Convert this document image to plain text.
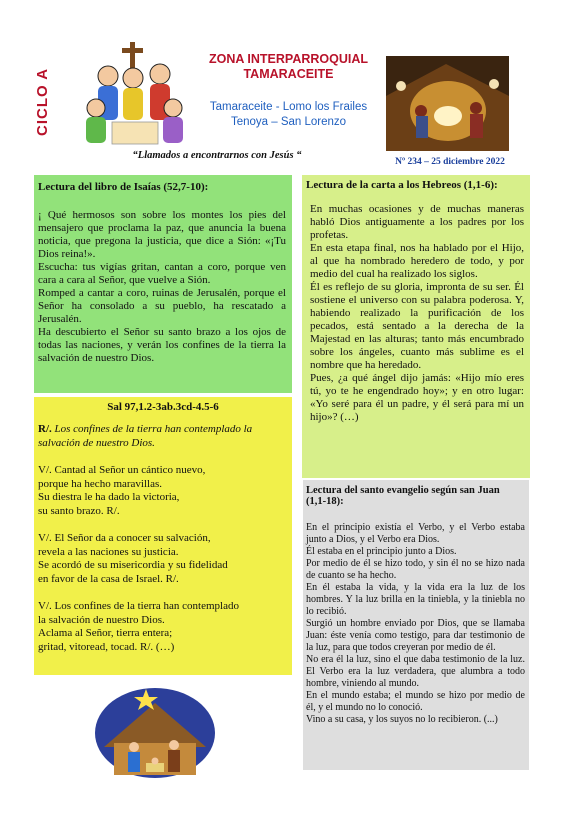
CICLO A
ZONA INTERPARROQUIAL
TAMARACEITE
Tamaraceite - Lomo los Frailes
Tenoya – San Lorenzo
“Llamados a encontrarnos con Jesús “
Nº 234 – 25 diciembre 2022
Lectura del libro de Isaías (52,7-10):

¡ Qué hermosos son sobre los montes los pies del mensajero que proclama la paz, que anuncia la buena noticia, que pregona la justicia, que dice a Sión: «¡Tu Dios reina!».

Escucha: tus vigías gritan, cantan a coro, porque ven cara a cara al Señor, que vuelve a Sión.

Romped a cantar a coro, ruinas de Jerusalén, porque el Señor ha consolado a su pueblo, ha rescatado a Jerusalén.

Ha descubierto el Señor su santo brazo a los ojos de todas las naciones, y verán los confines de la tierra la salvación de nuestro Dios.

Sal 97,1.2-3ab.3cd-4.5-6

R/. Los confines de la tierra han contemplado la salvación de nuestro Dios.

V/. Cantad al Señor un cántico nuevo,
porque ha hecho maravillas.
Su diestra le ha dado la victoria,
su santo brazo. R/.
V/. El Señor da a conocer su salvación,
revela a las naciones su justicia.
Se acordó de su misericordia y su fidelidad
en favor de la casa de Israel. R/.
V/. Los confines de la tierra han contemplado
la salvación de nuestro Dios.
Aclama al Señor, tierra entera;
gritad, vitoread, tocad. R/. (…)
Lectura de la carta a los Hebreos (1,1-6):

En muchas ocasiones y de muchas maneras habló Dios antiguamente a los padres por los profetas.

En esta etapa final, nos ha hablado por el Hijo, al que ha nombrado heredero de todo, y por medio del cual ha realizado los siglos.

Él es reflejo de su gloria, impronta de su ser. Él sostiene el universo con su palabra poderosa. Y, habiendo realizado la purificación de los pecados, está sentado a la derecha de la Majestad en las alturas; tanto más encumbrado sobre los ángeles, cuanto más sublime es el nombre que ha heredado.

Pues, ¿a qué ángel dijo jamás: «Hijo mío eres tú, yo te he engendrado hoy»; y en otro lugar: «Yo seré para él un padre, y él será para mí un hijo»? (…)

Lectura del santo evangelio según san Juan (1,1-18):

En el principio existía el Verbo, y el Verbo estaba junto a Dios, y el Verbo era Dios.

Él estaba en el principio junto a Dios.

Por medio de él se hizo todo, y sin él no se hizo nada de cuanto se ha hecho.

En él estaba la vida, y la vida era la luz de los hombres. Y la luz brilla en la tiniebla, y la tiniebla no lo recibió.

Surgió un hombre enviado por Dios, que se llamaba Juan: éste venía como testigo, para dar testimonio de la luz, para que todos creyeran por medio de él.

No era él la luz, sino el que daba testimonio de la luz. El Verbo era la luz verdadera, que alumbra a todo hombre, viniendo al mundo.

En el mundo estaba; el mundo se hizo por medio de él, y el mundo no lo conoció.

Vino a su casa, y los suyos no lo recibieron. (...)
